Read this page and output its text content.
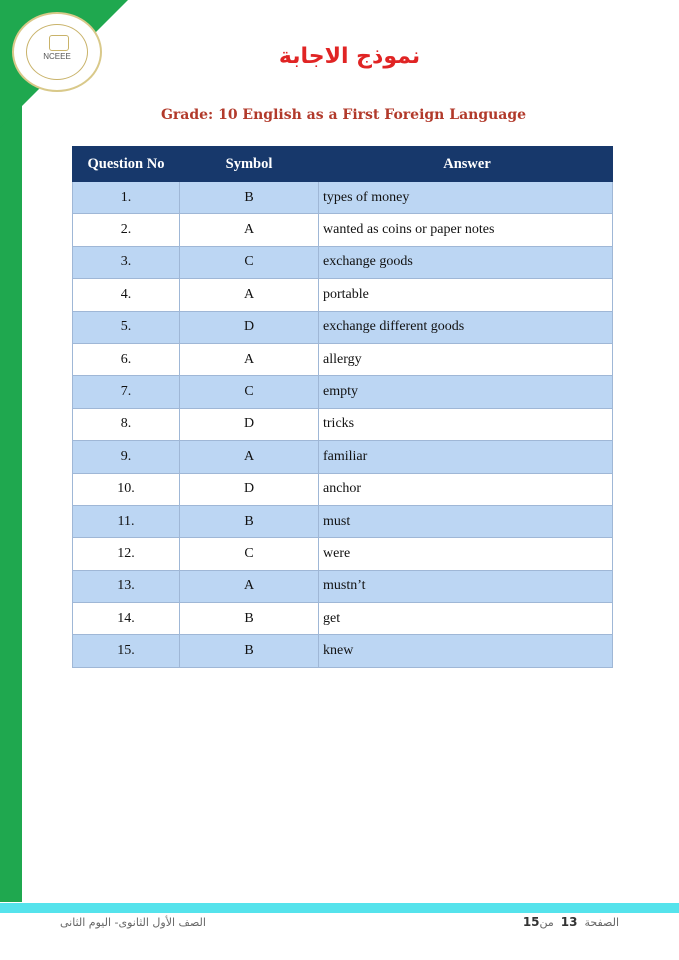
NCEEE	نموذج الاجابة
Grade: 10 English as a First Foreign Language
Question No	Symbol	Answer
1.	B	types of money
2.	A	wanted as coins or paper notes
3.	C	exchange goods
4.	A	portable
5.	D	exchange different goods
6.	A	allergy
7.	C	empty
8.	D	tricks
9.	A	familiar
10.	D	anchor
11.	B	must
12.	C	were
13.	A	mustn’t
14.	B	get
15.	B	knew
الصف الأول الثانوى- اليوم الثانى	الصفحة  13  من15
